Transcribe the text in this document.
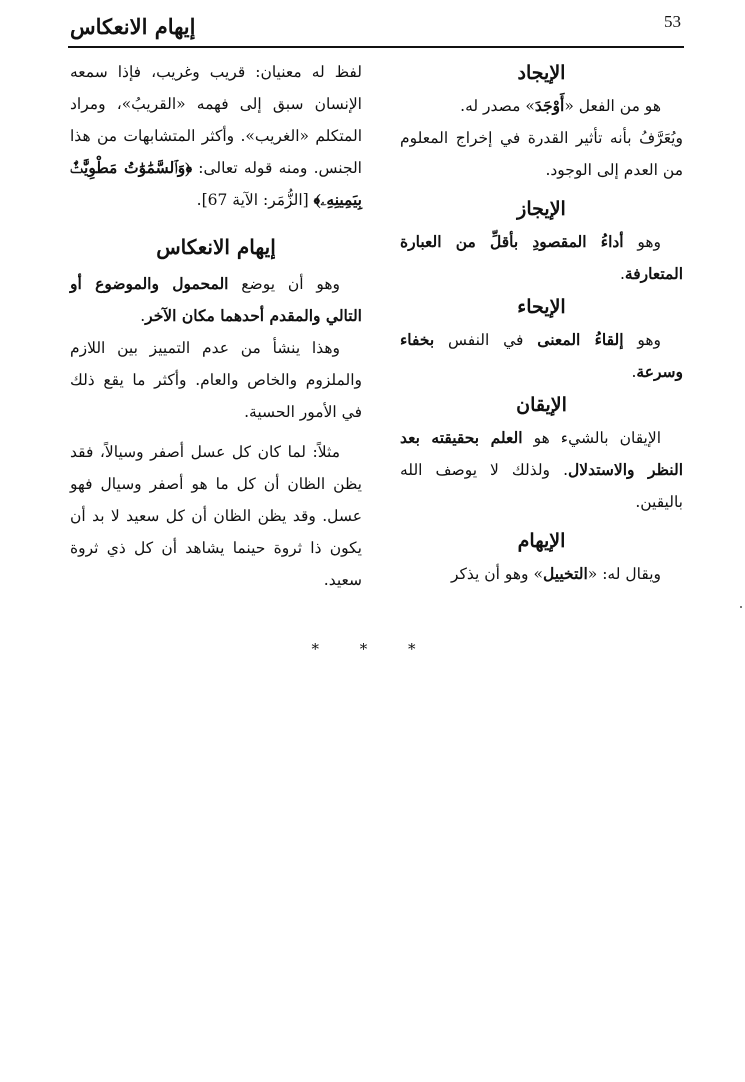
53
إيهام الانعكاس
الإيجاد

هو من الفعل «أَوْجَدَ» مصدر له.

ويُعَرَّفُ بأنه تأثير القدرة في إخراج المعلوم من العدم إلى الوجود.

الإيجاز

وهو أداءُ المقصودِ بأقلِّ من العبارة المتعارفة.

الإيحاء

وهو إلقاءُ المعنى في النفس بخفاء وسرعة.

الإيقان

الإيقان بالشيء هو العلم بحقيقته بعد النظر والاستدلال. ولذلك لا يوصف الله باليقين.

الإيهام

ويقال له: «التخييل» وهو أن يذكر

لفظ له معنيان: قريب وغريب، فإذا سمعه الإنسان سبق إلى فهمه «القريبُ»، ومراد المتكلم «الغريب». وأكثر المتشابهات من هذا الجنس. ومنه قوله تعالى: ﴿وَٱلسَّمَٰوَٰتُ مَطْوِيَّٰتٌۢ بِيَمِينِهِۦ﴾ [الزُّمَر: الآية 67].

إيهام الانعكاس

وهو أن يوضع المحمول والموضوع أو التالي والمقدم أحدهما مكان الآخر.

وهذا ينشأ من عدم التمييز بين اللازم والملزوم والخاص والعام. وأكثر ما يقع ذلك في الأمور الحسية.

مثلاً: لما كان كل عسل أصفر وسيالاً، فقد يظن الظان أن كل ما هو أصفر وسيال فهو عسل. وقد يظن الظان أن كل سعيد لا بد أن يكون ذا ثروة حينما يشاهد أن كل ذي ثروة سعيد.

* * *
